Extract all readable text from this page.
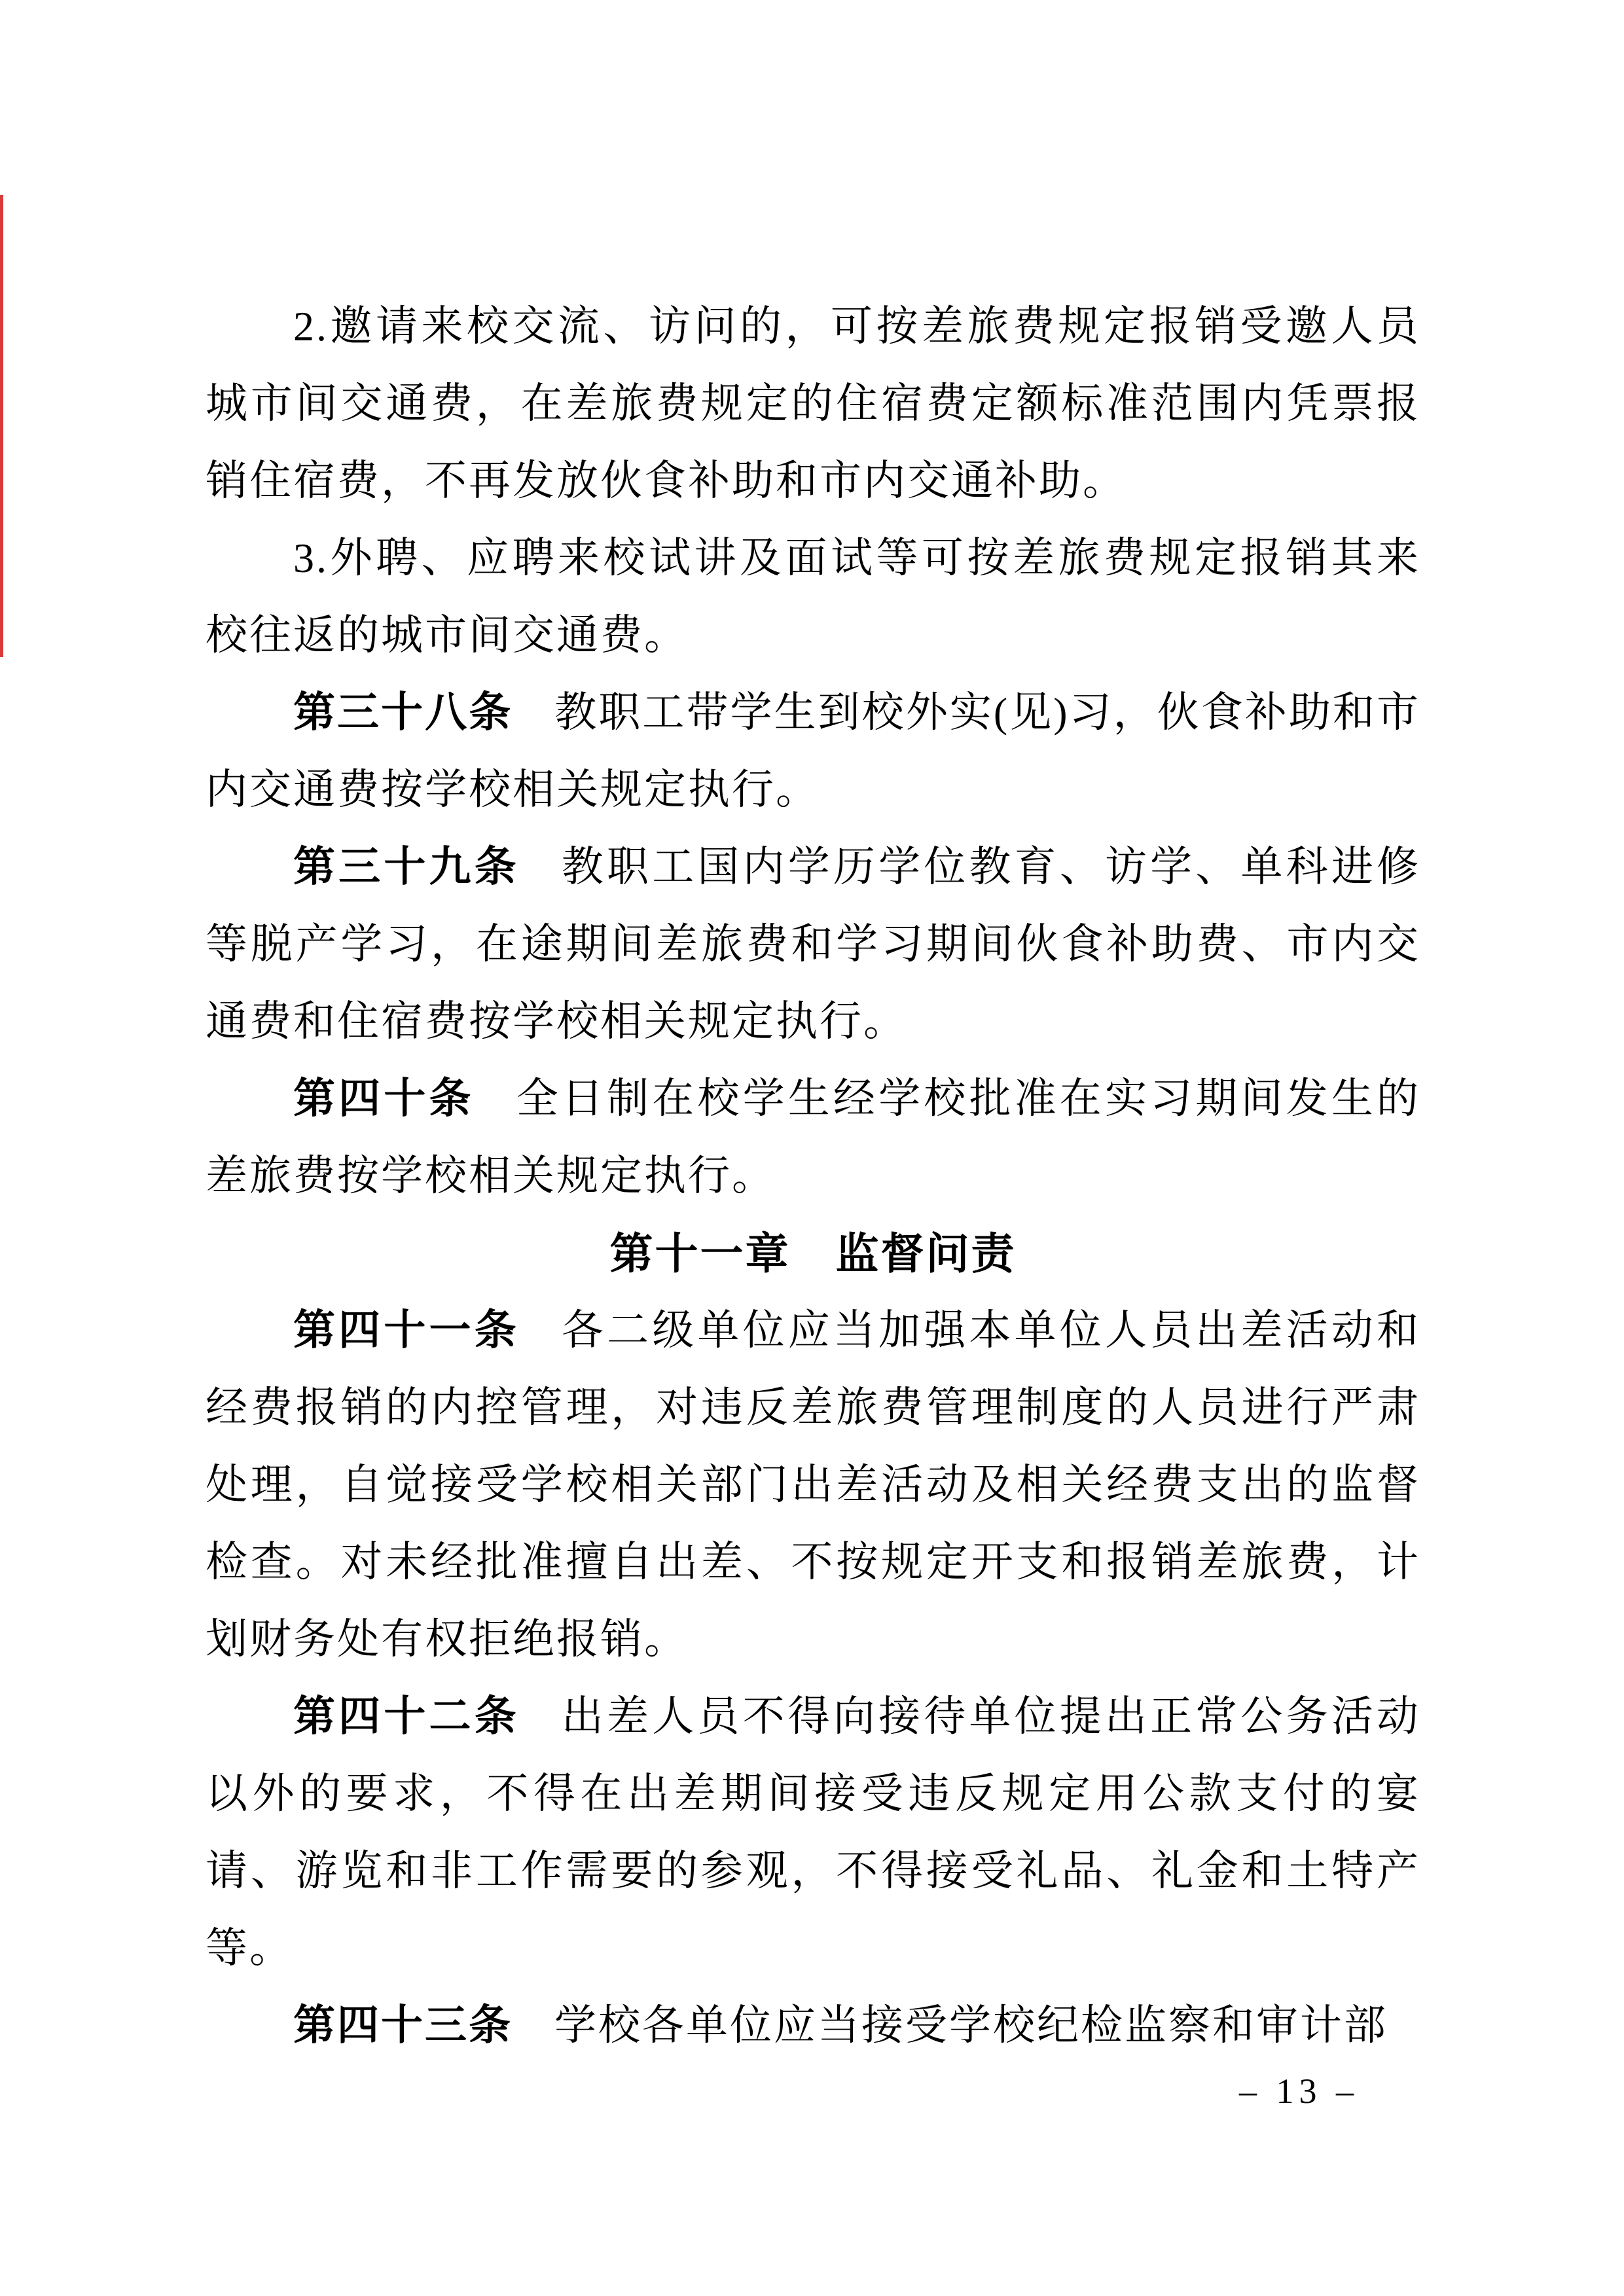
2.邀请来校交流、访问的，可按差旅费规定报销受邀人员城市间交通费，在差旅费规定的住宿费定额标准范围内凭票报销住宿费，不再发放伙食补助和市内交通补助。

3.外聘、应聘来校试讲及面试等可按差旅费规定报销其来校往返的城市间交通费。

第三十八条 教职工带学生到校外实(见)习，伙食补助和市内交通费按学校相关规定执行。

第三十九条 教职工国内学历学位教育、访学、单科进修等脱产学习，在途期间差旅费和学习期间伙食补助费、市内交通费和住宿费按学校相关规定执行。

第四十条 全日制在校学生经学校批准在实习期间发生的差旅费按学校相关规定执行。

第十一章　监督问责

第四十一条 各二级单位应当加强本单位人员出差活动和经费报销的内控管理，对违反差旅费管理制度的人员进行严肃处理，自觉接受学校相关部门出差活动及相关经费支出的监督检查。对未经批准擅自出差、不按规定开支和报销差旅费，计划财务处有权拒绝报销。

第四十二条 出差人员不得向接待单位提出正常公务活动以外的要求，不得在出差期间接受违反规定用公款支付的宴请、游览和非工作需要的参观，不得接受礼品、礼金和土特产等。

第四十三条 学校各单位应当接受学校纪检监察和审计部

– 13 –
